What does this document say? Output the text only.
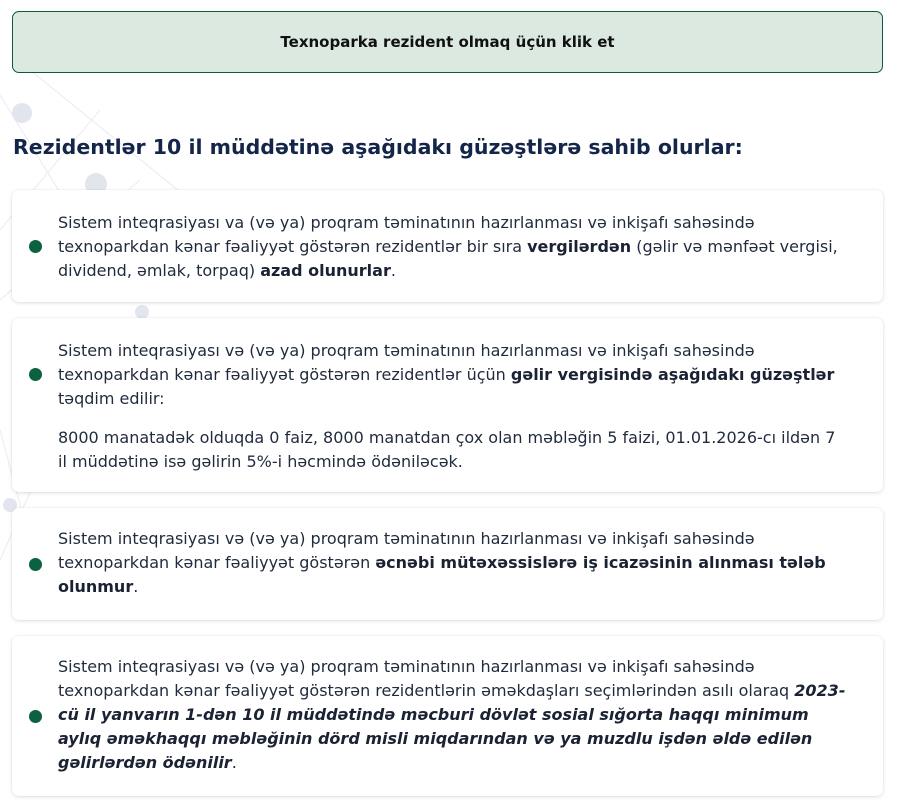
Texnoparka rezident olmaq üçün klik et
Rezidentlər 10 il müddətinə aşağıdakı güzəştlərə sahib olurlar:

Sistem inteqrasiyası va (və ya) proqram təminatının hazırlanması və inkişafı sahəsində texnoparkdan kənar fəaliyyət göstərən rezidentlər bir sıra vergilərdən (gəlir və mənfəət vergisi, dividend, əmlak, torpaq) azad olunurlar.

Sistem inteqrasiyası və (və ya) proqram təminatının hazırlanması və inkişafı sahəsində texnoparkdan kənar fəaliyyət göstərən rezidentlər üçün gəlir vergisində aşağıdakı güzəştlər təqdim edilir:

8000 manatadək olduqda 0 faiz, 8000 manatdan çox olan məbləğin 5 faizi, 01.01.2026-cı ildən 7 il müddətinə isə gəlirin 5%-i həcmində ödəniləcək.

Sistem inteqrasiyası və (və ya) proqram təminatının hazırlanması və inkişafı sahəsində texnoparkdan kənar fəaliyyət göstərən əcnəbi mütəxəssislərə iş icazəsinin alınması tələb olunmur.

Sistem inteqrasiyası və (və ya) proqram təminatının hazırlanması və inkişafı sahəsində texnoparkdan kənar fəaliyyət göstərən rezidentlərin əməkdaşları seçimlərindən asılı olaraq 2023-cü il yanvarın 1-dən 10 il müddətində məcburi dövlət sosial sığorta haqqı minimum aylıq əməkhaqqı məbləğinin dörd misli miqdarından və ya muzdlu işdən əldə edilən gəlirlərdən ödənilir.
